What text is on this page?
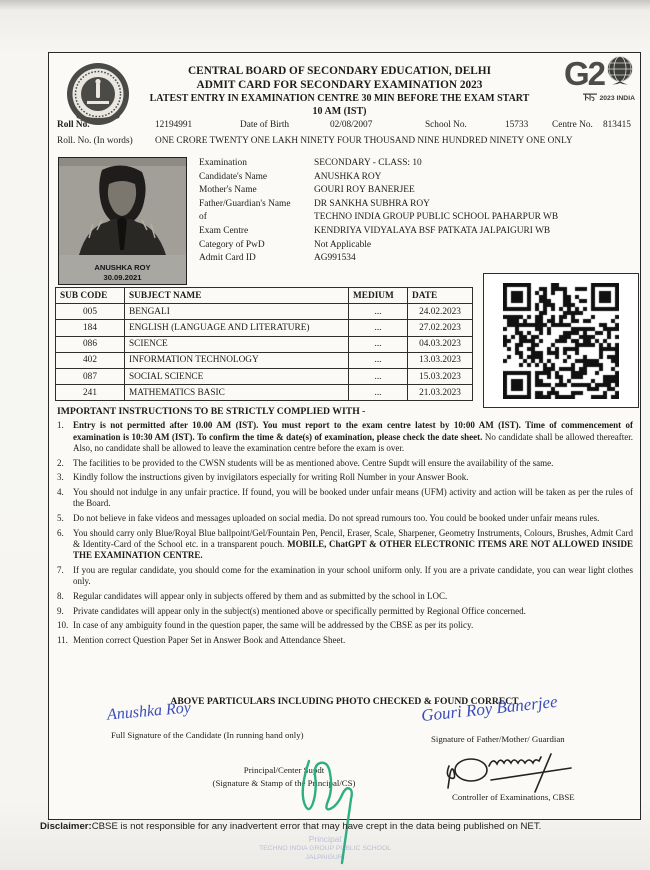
CENTRAL BOARD OF SECONDARY EDUCATION, DELHI
ADMIT CARD FOR SECONDARY EXAMINATION 2023
LATEST ENTRY IN EXAMINATION CENTRE 30 MIN BEFORE THE EXAM START 10 AM (IST)
G2
2023 INDIA
Roll No.	12194991	Date of Birth	02/08/2007	School No.	15733	Centre No. 813415
Roll. No. (In words) ONE CRORE TWENTY ONE LAKH NINETY FOUR THOUSAND NINE HUNDRED NINETY ONE ONLY
ANUSHKA ROY
30.09.2021
Examination	SECONDARY - CLASS: 10
Candidate's Name	ANUSHKA ROY
Mother's Name	GOURI ROY BANERJEE
Father/Guardian's Name	DR SANKHA SUBHRA ROY
of	TECHNO INDIA GROUP PUBLIC SCHOOL PAHARPUR WB
Exam Centre	KENDRIYA VIDYALAYA BSF PATKATA JALPAIGURI WB
Category of PwD	Not Applicable
Admit Card ID	AG991534
SUB CODE	SUBJECT NAME	MEDIUM	DATE
005	BENGALI	...	24.02.2023
184	ENGLISH (LANGUAGE AND LITERATURE)	...	27.02.2023
086	SCIENCE	...	04.03.2023
402	INFORMATION TECHNOLOGY	...	13.03.2023
087	SOCIAL SCIENCE	...	15.03.2023
241	MATHEMATICS BASIC	...	21.03.2023
IMPORTANT INSTRUCTIONS TO BE STRICTLY COMPLIED WITH -
1.	Entry is not permitted after 10.00 AM (IST). You must report to the exam centre latest by 10:00 AM (IST). Time of commencement of examination is 10:30 AM (IST). To confirm the time & date(s) of examination, please check the date sheet. No candidate shall be allowed thereafter. Also, no candidate shall be allowed to leave the examination centre before the exam is over.
2.	The facilities to be provided to the CWSN students will be as mentioned above. Centre Supdt will ensure the availability of the same.
3.	Kindly follow the instructions given by invigilators especially for writing Roll Number in your Answer Book.
4.	You should not indulge in any unfair practice. If found, you will be booked under unfair means (UFM) activity and action will be taken as per the rules of the Board.
5.	Do not believe in fake videos and messages uploaded on social media. Do not spread rumours too. You could be booked under unfair means rules.
6.	You should carry only Blue/Royal Blue ballpoint/Gel/Fountain Pen, Pencil, Eraser, Scale, Sharpener, Geometry Instruments, Colours, Brushes, Admit Card & Identity-Card of the School etc. in a transparent pouch. MOBILE, ChatGPT & OTHER ELECTRONIC ITEMS ARE NOT ALLOWED INSIDE THE EXAMINATION CENTRE.
7.	If you are regular candidate, you should come for the examination in your school uniform only. If you are a private candidate, you can wear light clothes only.
8.	Regular candidates will appear only in subjects offered by them and as submitted by the school in LOC.
9.	Private candidates will appear only in the subject(s) mentioned above or specifically permitted by Regional Office concerned.
10. In case of any ambiguity found in the question paper, the same will be addressed by the CBSE as per its policy.
11. Mention correct Question Paper Set in Answer Book and Attendance Sheet.
ABOVE PARTICULARS INCLUDING PHOTO CHECKED & FOUND CORRECT
Anushka Roy
Full Signature of the Candidate (In running hand only)
Gouri Roy Banerjee
Signature of Father/Mother/ Guardian
Principal/Center Supdt
(Signature & Stamp of the Principal/CS)
Controller of Examinations, CBSE
Disclaimer:CBSE is not responsible for any inadvertent error that may have crept in the data being published on NET.
Principal
TECHNO INDIA GROUP PUBLIC SCHOOL
JALPAIGURI
